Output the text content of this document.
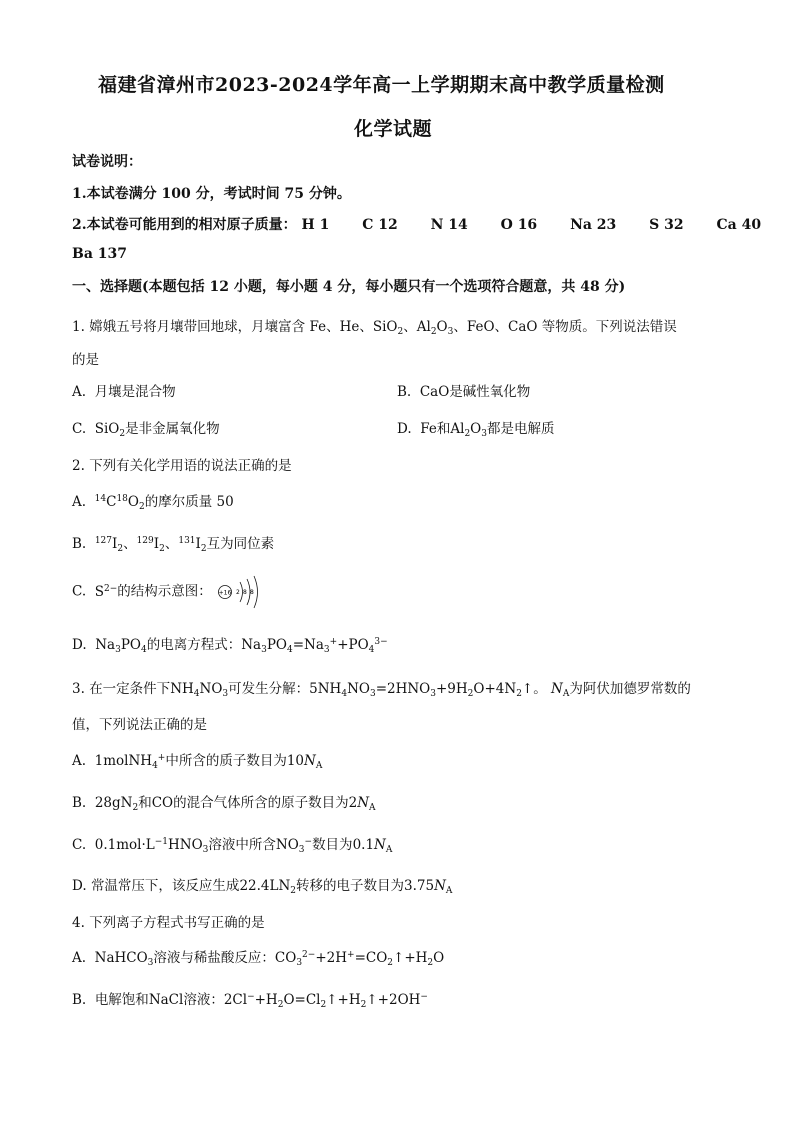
福建省漳州市2023-2024学年高一上学期期末高中教学质量检测
化学试题
试卷说明：
1.本试卷满分 100 分，考试时间 75 分钟。
2.本试卷可能用到的相对原子质量： H 1 C 12 N 14 O 16 Na 23 S 32 Ca 40
Ba 137
一、选择题(本题包括 12 小题，每小题 4 分，每小题只有一个选项符合题意，共 48 分)
1. 嫦娥五号将月壤带回地球，月壤富含 Fe、He、SiO$_2$、$Al_2O_3$、FeO、CaO 等物质。下列说法错误
的是
A. 月壤是混合物	B. CaO是碱性氧化物
C. SiO$_2$是非金属氧化物	D. Fe和$Al_2O_3$都是电解质
2. 下列有关化学用语的说法正确的是
A. $^{14}C^{18}O_2$的摩尔质量 50
B. $^{127}I_2$、$^{129}I_2$、$^{131}I_2$互为同位素
C. $S^{2-}$的结构示意图： +16 2 8 8
D. $Na_3PO_4$的电离方程式：$Na_3PO_4=Na_3^++PO_4^{3-}$
3. 在一定条件下$NH_4NO_3$可发生分解：$5NH_4NO_3=2HNO_3+9H_2O+4N_2↑$。 $N_A$为阿伏加德罗常数的
值，下列说法正确的是
A. 1molNH$_4$+中所含的质子数目为$10N_A$
B. $28gN_2$和CO的混合气体所含的原子数目为$2N_A$
C. $0.1mol\cdot L^{-1}HNO_3$溶液中所含$NO_3^-$数目为$0.1N_A$
D. 常温常压下，该反应生成$22.4LN_2$转移的电子数目为$3.75N_A$
4. 下列离子方程式书写正确的是
A. NaHCO$_3$溶液与稀盐酸反应：$CO_3^{2-}+2H^+=CO_2↑+H_2O$
B. 电解饱和NaCl溶液：$2Cl^-+H_2O=Cl_2↑+H_2↑+2OH^-$
